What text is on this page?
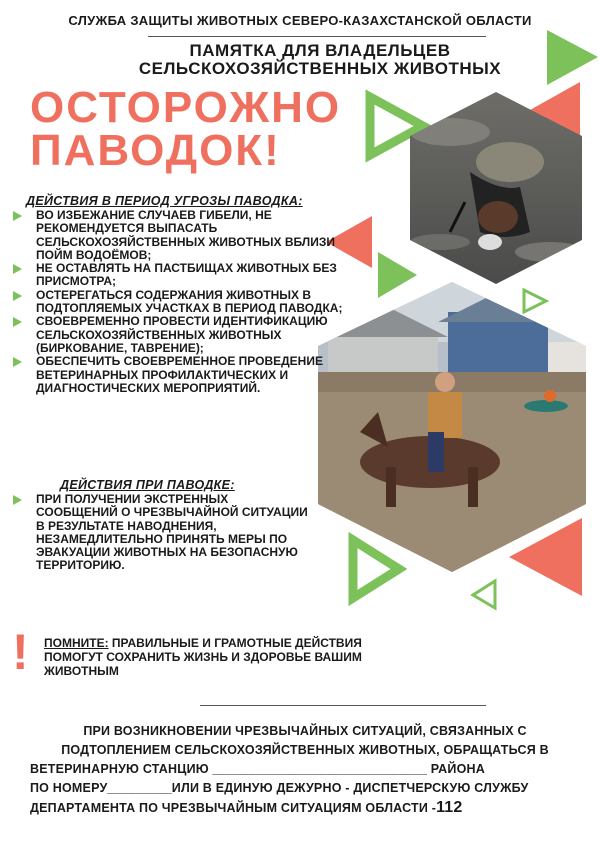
СЛУЖБА ЗАЩИТЫ ЖИВОТНЫХ СЕВЕРО-КАЗАХСТАНСКОЙ ОБЛАСТИ
ПАМЯТКА ДЛЯ ВЛАДЕЛЬЦЕВ
СЕЛЬСКОХОЗЯЙСТВЕННЫХ ЖИВОТНЫХ
ОСТОРОЖНО
ПАВОДОК!
ДЕЙСТВИЯ В ПЕРИОД УГРОЗЫ ПАВОДКА:
ВО ИЗБЕЖАНИЕ СЛУЧАЕВ ГИБЕЛИ, НЕ РЕКОМЕНДУЕТСЯ ВЫПАСАТЬ СЕЛЬСКОХОЗЯЙСТВЕННЫХ ЖИВОТНЫХ ВБЛИЗИ ПОЙМ ВОДОЁМОВ;
НЕ ОСТАВЛЯТЬ НА ПАСТБИЩАХ ЖИВОТНЫХ БЕЗ ПРИСМОТРА;
ОСТЕРЕГАТЬСЯ СОДЕРЖАНИЯ ЖИВОТНЫХ В ПОДТОПЛЯЕМЫХ УЧАСТКАХ В ПЕРИОД ПАВОДКА;
СВОЕВРЕМЕННО ПРОВЕСТИ ИДЕНТИФИКАЦИЮ СЕЛЬСКОХОЗЯЙСТВЕННЫХ ЖИВОТНЫХ (БИРКОВАНИЕ, ТАВРЕНИЕ);
ОБЕСПЕЧИТЬ СВОЕВРЕМЕННОЕ ПРОВЕДЕНИЕ ВЕТЕРИНАРНЫХ ПРОФИЛАКТИЧЕСКИХ И ДИАГНОСТИЧЕСКИХ МЕРОПРИЯТИЙ.
ДЕЙСТВИЯ ПРИ ПАВОДКЕ:
ПРИ ПОЛУЧЕНИИ ЭКСТРЕННЫХ СООБЩЕНИЙ О ЧРЕЗВЫЧАЙНОЙ СИТУАЦИИ В РЕЗУЛЬТАТЕ НАВОДНЕНИЯ, НЕЗАМЕДЛИТЕЛЬНО ПРИНЯТЬ МЕРЫ ПО ЭВАКУАЦИИ ЖИВОТНЫХ НА БЕЗОПАСНУЮ ТЕРРИТОРИЮ.
! ПОМНИТЕ: ПРАВИЛЬНЫЕ И ГРАМОТНЫЕ ДЕЙСТВИЯ ПОМОГУТ СОХРАНИТЬ ЖИЗНЬ И ЗДОРОВЬЕ ВАШИМ ЖИВОТНЫМ
ПРИ ВОЗНИКНОВЕНИИ ЧРЕЗВЫЧАЙНЫХ СИТУАЦИЙ, СВЯЗАННЫХ С
ПОДТОПЛЕНИЕМ СЕЛЬСКОХОЗЯЙСТВЕННЫХ ЖИВОТНЫХ, ОБРАЩАТЬСЯ В
ВЕТЕРИНАРНУЮ СТАНЦИЮ ______________________________ РАЙОНА
ПО НОМЕРУ_________ИЛИ В ЕДИНУЮ ДЕЖУРНО - ДИСПЕТЧЕРСКУЮ СЛУЖБУ
ДЕПАРТАМЕНТА ПО ЧРЕЗВЫЧАЙНЫМ СИТУАЦИЯМ ОБЛАСТИ -112
